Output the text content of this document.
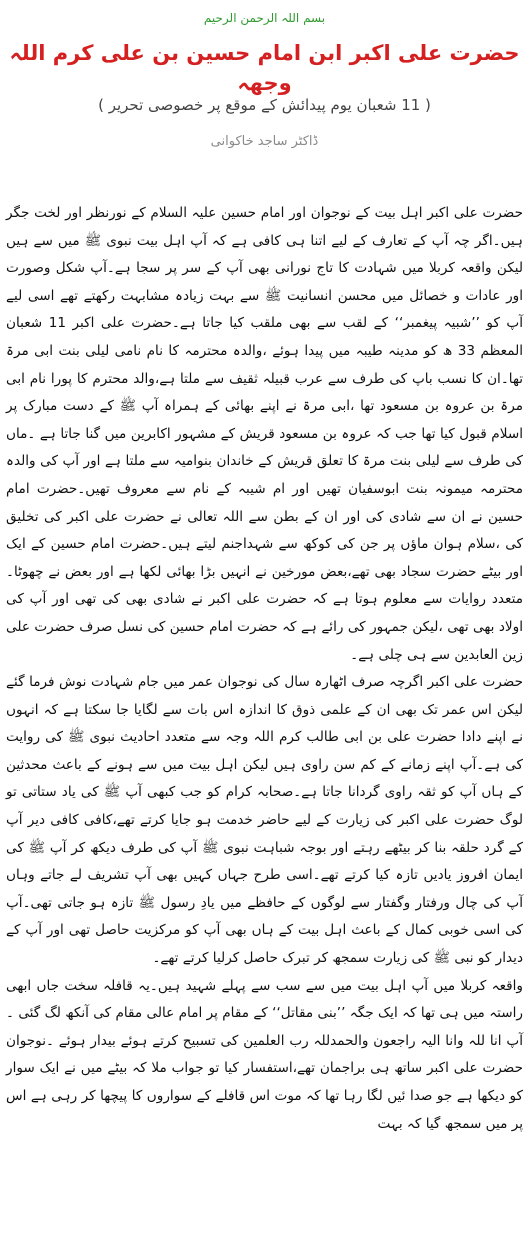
بسم اللہ الرحمن الرحیم
حضرت علی اکبر ابن امام حسین بن علی کرم اللہ وجھہ
( 11 شعبان یوم پیدائش کے موقع پر خصوصی تحریر )
ڈاکٹر ساجد خاکوانی

حضرت علی اکبر اہل بیت کے نوجوان اور امام حسین علیہ السلام کے نورنظر اور لخت جگر ہیں۔اگر چہ آپ کے تعارف کے لیے اتنا ہی کافی ہے کہ آپ اہل بیت نبوی ﷺ میں سے ہیں لیکن واقعہ کربلا میں شہادت کا تاج نورانی بھی آپ کے سر پر سجا ہے۔آپ شکل وصورت اور عادات و خصائل میں محسن انسانیت ﷺ سے بہت زیادہ مشابہت رکھتے تھے اسی لیے آپ کو ’’شبیہ پیغمبر‘‘ کے لقب سے بھی ملقب کیا جاتا ہے۔حضرت علی اکبر 11 شعبان المعظم 33 ھ کو مدینہ طیبہ میں پیدا ہوئے ،والدہ محترمہ کا نام نامی لیلی بنت ابی مرۃ تھا۔ان کا نسب باپ کی طرف سے عرب قبیلہ ثقیف سے ملتا ہے،والد محترم کا پورا نام ابی مرۃ بن عروہ بن مسعود تھا ،ابی مرۃ نے اپنے بھائی کے ہمراہ آپ ﷺ کے دست مبارک پر اسلام قبول کیا تھا جب کہ عروہ بن مسعود قریش کے مشہور اکابرین میں گنا جاتا ہے ۔ماں کی طرف سے لیلی بنت مرۃ کا تعلق قریش کے خاندان بنوامیہ سے ملتا ہے اور آپ کی والدہ محترمہ میمونہ بنت ابوسفیان تھیں اور ام شیبہ کے نام سے معروف تھیں۔حضرت امام حسین نے ان سے شادی کی اور ان کے بطن سے اللہ تعالی نے حضرت علی اکبر کی تخلیق کی ،سلام ہوان ماؤں پر جن کی کوکھ سے شہداجنم لیتے ہیں۔حضرت امام حسین کے ایک اور بیٹے حضرت سجاد بھی تھے،بعض مورخین نے انہیں بڑا بھائی لکھا ہے اور بعض نے چھوٹا۔متعدد روایات سے معلوم ہوتا ہے کہ حضرت علی اکبر نے شادی بھی کی تھی اور آپ کی اولاد بھی تھی ،لیکن جمہور کی رائے ہے کہ حضرت امام حسین کی نسل صرف حضرت علی زین العابدین سے ہی چلی ہے۔

حضرت علی اکبر اگرچہ صرف اٹھارہ سال کی نوجوان عمر میں جام شہادت نوش فرما گئے لیکن اس عمر تک بھی ان کے علمی ذوق کا اندازہ اس بات سے لگایا جا سکتا ہے کہ انہوں نے اپنے دادا حضرت علی بن ابی طالب کرم اللہ وجہ سے متعدد احادیث نبوی ﷺ کی روایت کی ہے۔آپ اپنے زمانے کے کم سن راوی ہیں لیکن اہل بیت میں سے ہونے کے باعث محدثین کے ہاں آپ کو ثقہ راوی گردانا جاتا ہے۔صحابہ کرام کو جب کبھی آپ ﷺ کی یاد ستاتی تو لوگ حضرت علی اکبر کی زیارت کے لیے حاضر خدمت ہو جایا کرتے تھے،کافی کافی دیر آپ کے گرد حلقہ بنا کر بیٹھے رہتے اور بوجہ شباہت نبوی ﷺ آپ کی طرف دیکھ کر آپ ﷺ کی ایمان افروز یادیں تازہ کیا کرتے تھے۔اسی طرح جہاں کہیں بھی آپ تشریف لے جاتے وہاں آپ کی چال ورفتار وگفتار سے لوگوں کے حافظے میں یادِ رسول ﷺ تازہ ہو جاتی تھی۔آپ کی اسی خوبی کمال کے باعث اہل بیت کے ہاں بھی آپ کو مرکزیت حاصل تھی اور آپ کے دیدار کو نبی ﷺ کی زیارت سمجھ کر تبرک حاصل کرلیا کرتے تھے۔

واقعہ کربلا میں آپ اہل بیت میں سے سب سے پہلے شہید ہیں۔یہ قافلہ سخت جاں ابھی راستہ میں ہی تھا کہ ایک جگہ ’’بنی مقاتل‘‘ کے مقام پر امام عالی مقام کی آنکھ لگ گئی ۔آپ انا للہ وانا الیہ راجعون والحمدللہ رب العلمین کی تسبیح کرتے ہوئے بیدار ہوئے ۔نوجوان حضرت علی اکبر ساتھ ہی براجمان تھے،استفسار کیا تو جواب ملا کہ بیٹے میں نے ایک سوار کو دیکھا ہے جو صدا ئیں لگا رہا تھا کہ موت اس قافلے کے سواروں کا پیچھا کر رہی ہے اس پر میں سمجھ گیا کہ بہت
